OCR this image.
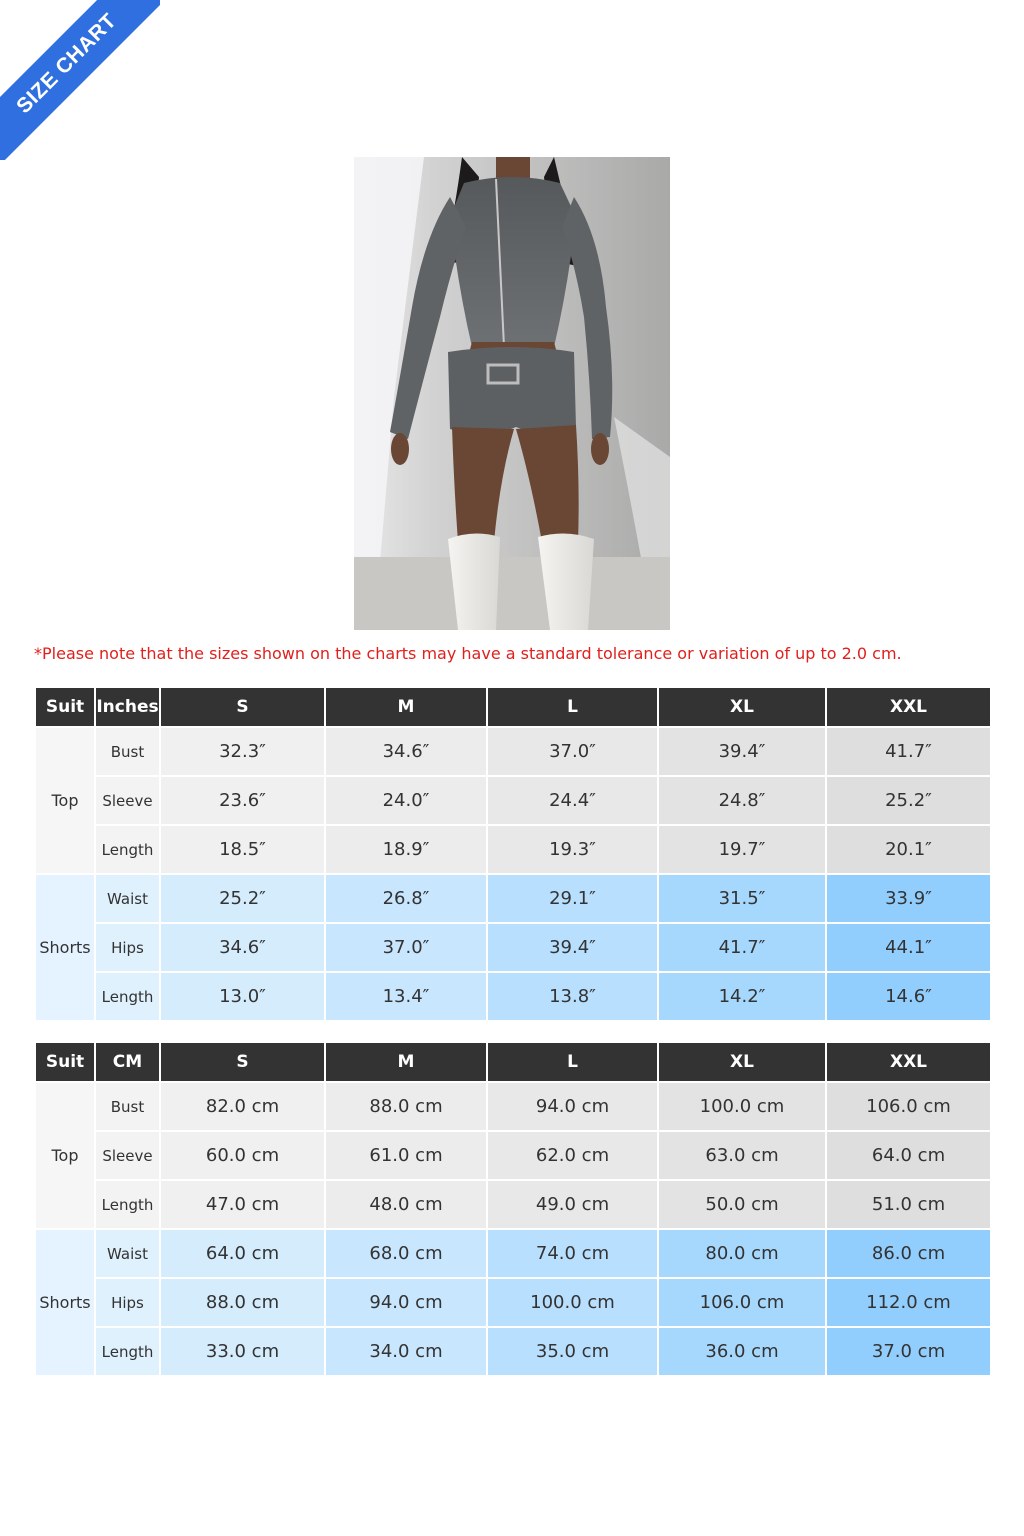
SIZE CHART
*Please note that the sizes shown on the charts may have a standard tolerance or variation of up to 2.0 cm.
Suit	Inches	S	M	L	XL	XXL
Top	Bust	32.3″	34.6″	37.0″	39.4″	41.7″
	Sleeve	23.6″	24.0″	24.4″	24.8″	25.2″
	Length	18.5″	18.9″	19.3″	19.7″	20.1″
Shorts	Waist	25.2″	26.8″	29.1″	31.5″	33.9″
	Hips	34.6″	37.0″	39.4″	41.7″	44.1″
	Length	13.0″	13.4″	13.8″	14.2″	14.6″
Suit	CM	S	M	L	XL	XXL
Top	Bust	82.0 cm	88.0 cm	94.0 cm	100.0 cm	106.0 cm
	Sleeve	60.0 cm	61.0 cm	62.0 cm	63.0 cm	64.0 cm
	Length	47.0 cm	48.0 cm	49.0 cm	50.0 cm	51.0 cm
Shorts	Waist	64.0 cm	68.0 cm	74.0 cm	80.0 cm	86.0 cm
	Hips	88.0 cm	94.0 cm	100.0 cm	106.0 cm	112.0 cm
	Length	33.0 cm	34.0 cm	35.0 cm	36.0 cm	37.0 cm
